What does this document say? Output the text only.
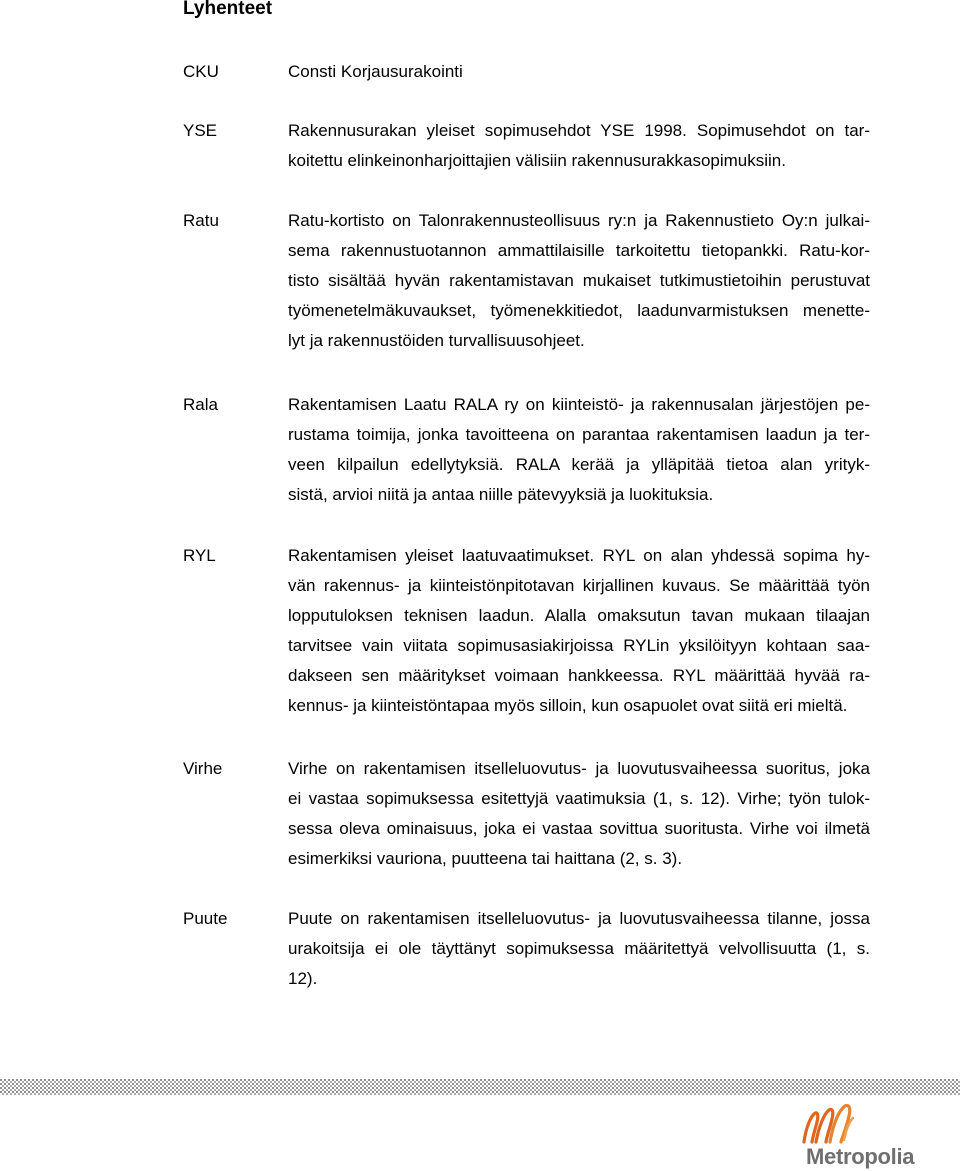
Lyhenteet
CKU	Consti Korjausurakointi
YSE	Rakennusurakan yleiset sopimusehdot YSE 1998. Sopimusehdot on tar-
koitettu elinkeinonharjoittajien välisiin rakennusurakkasopimuksiin.
Ratu	Ratu-kortisto on Talonrakennusteollisuus ry:n ja Rakennustieto Oy:n julkai-
sema rakennustuotannon ammattilaisille tarkoitettu tietopankki. Ratu-kor-
tisto sisältää hyvän rakentamistavan mukaiset tutkimustietoihin perustuvat
työmenetelmäkuvaukset, työmenekkitiedot, laadunvarmistuksen menette-
lyt ja rakennustöiden turvallisuusohjeet.
Rala	Rakentamisen Laatu RALA ry on kiinteistö- ja rakennusalan järjestöjen pe-
rustama toimija, jonka tavoitteena on parantaa rakentamisen laadun ja ter-
veen kilpailun edellytyksiä. RALA kerää ja ylläpitää tietoa alan yrityk-
sistä, arvioi niitä ja antaa niille pätevyyksiä ja luokituksia.
RYL	Rakentamisen yleiset laatuvaatimukset. RYL on alan yhdessä sopima hy-
vän rakennus- ja kiinteistönpitotavan kirjallinen kuvaus. Se määrittää työn
lopputuloksen teknisen laadun. Alalla omaksutun tavan mukaan tilaajan
tarvitsee vain viitata sopimusasiakirjoissa RYLin yksilöityyn kohtaan saa-
dakseen sen määritykset voimaan hankkeessa. RYL määrittää hyvää ra-
kennus- ja kiinteistöntapaa myös silloin, kun osapuolet ovat siitä eri mieltä.
Virhe	Virhe on rakentamisen itselleluovutus- ja luovutusvaiheessa suoritus, joka
ei vastaa sopimuksessa esitettyjä vaatimuksia (1, s. 12). Virhe; työn tulok-
sessa oleva ominaisuus, joka ei vastaa sovittua suoritusta. Virhe voi ilmetä
esimerkiksi vauriona, puutteena tai haittana (2, s. 3).
Puute	Puute on rakentamisen itselleluovutus- ja luovutusvaiheessa tilanne, jossa
urakoitsija ei ole täyttänyt sopimuksessa määritettyä velvollisuutta (1, s.
12).
Metropolia
